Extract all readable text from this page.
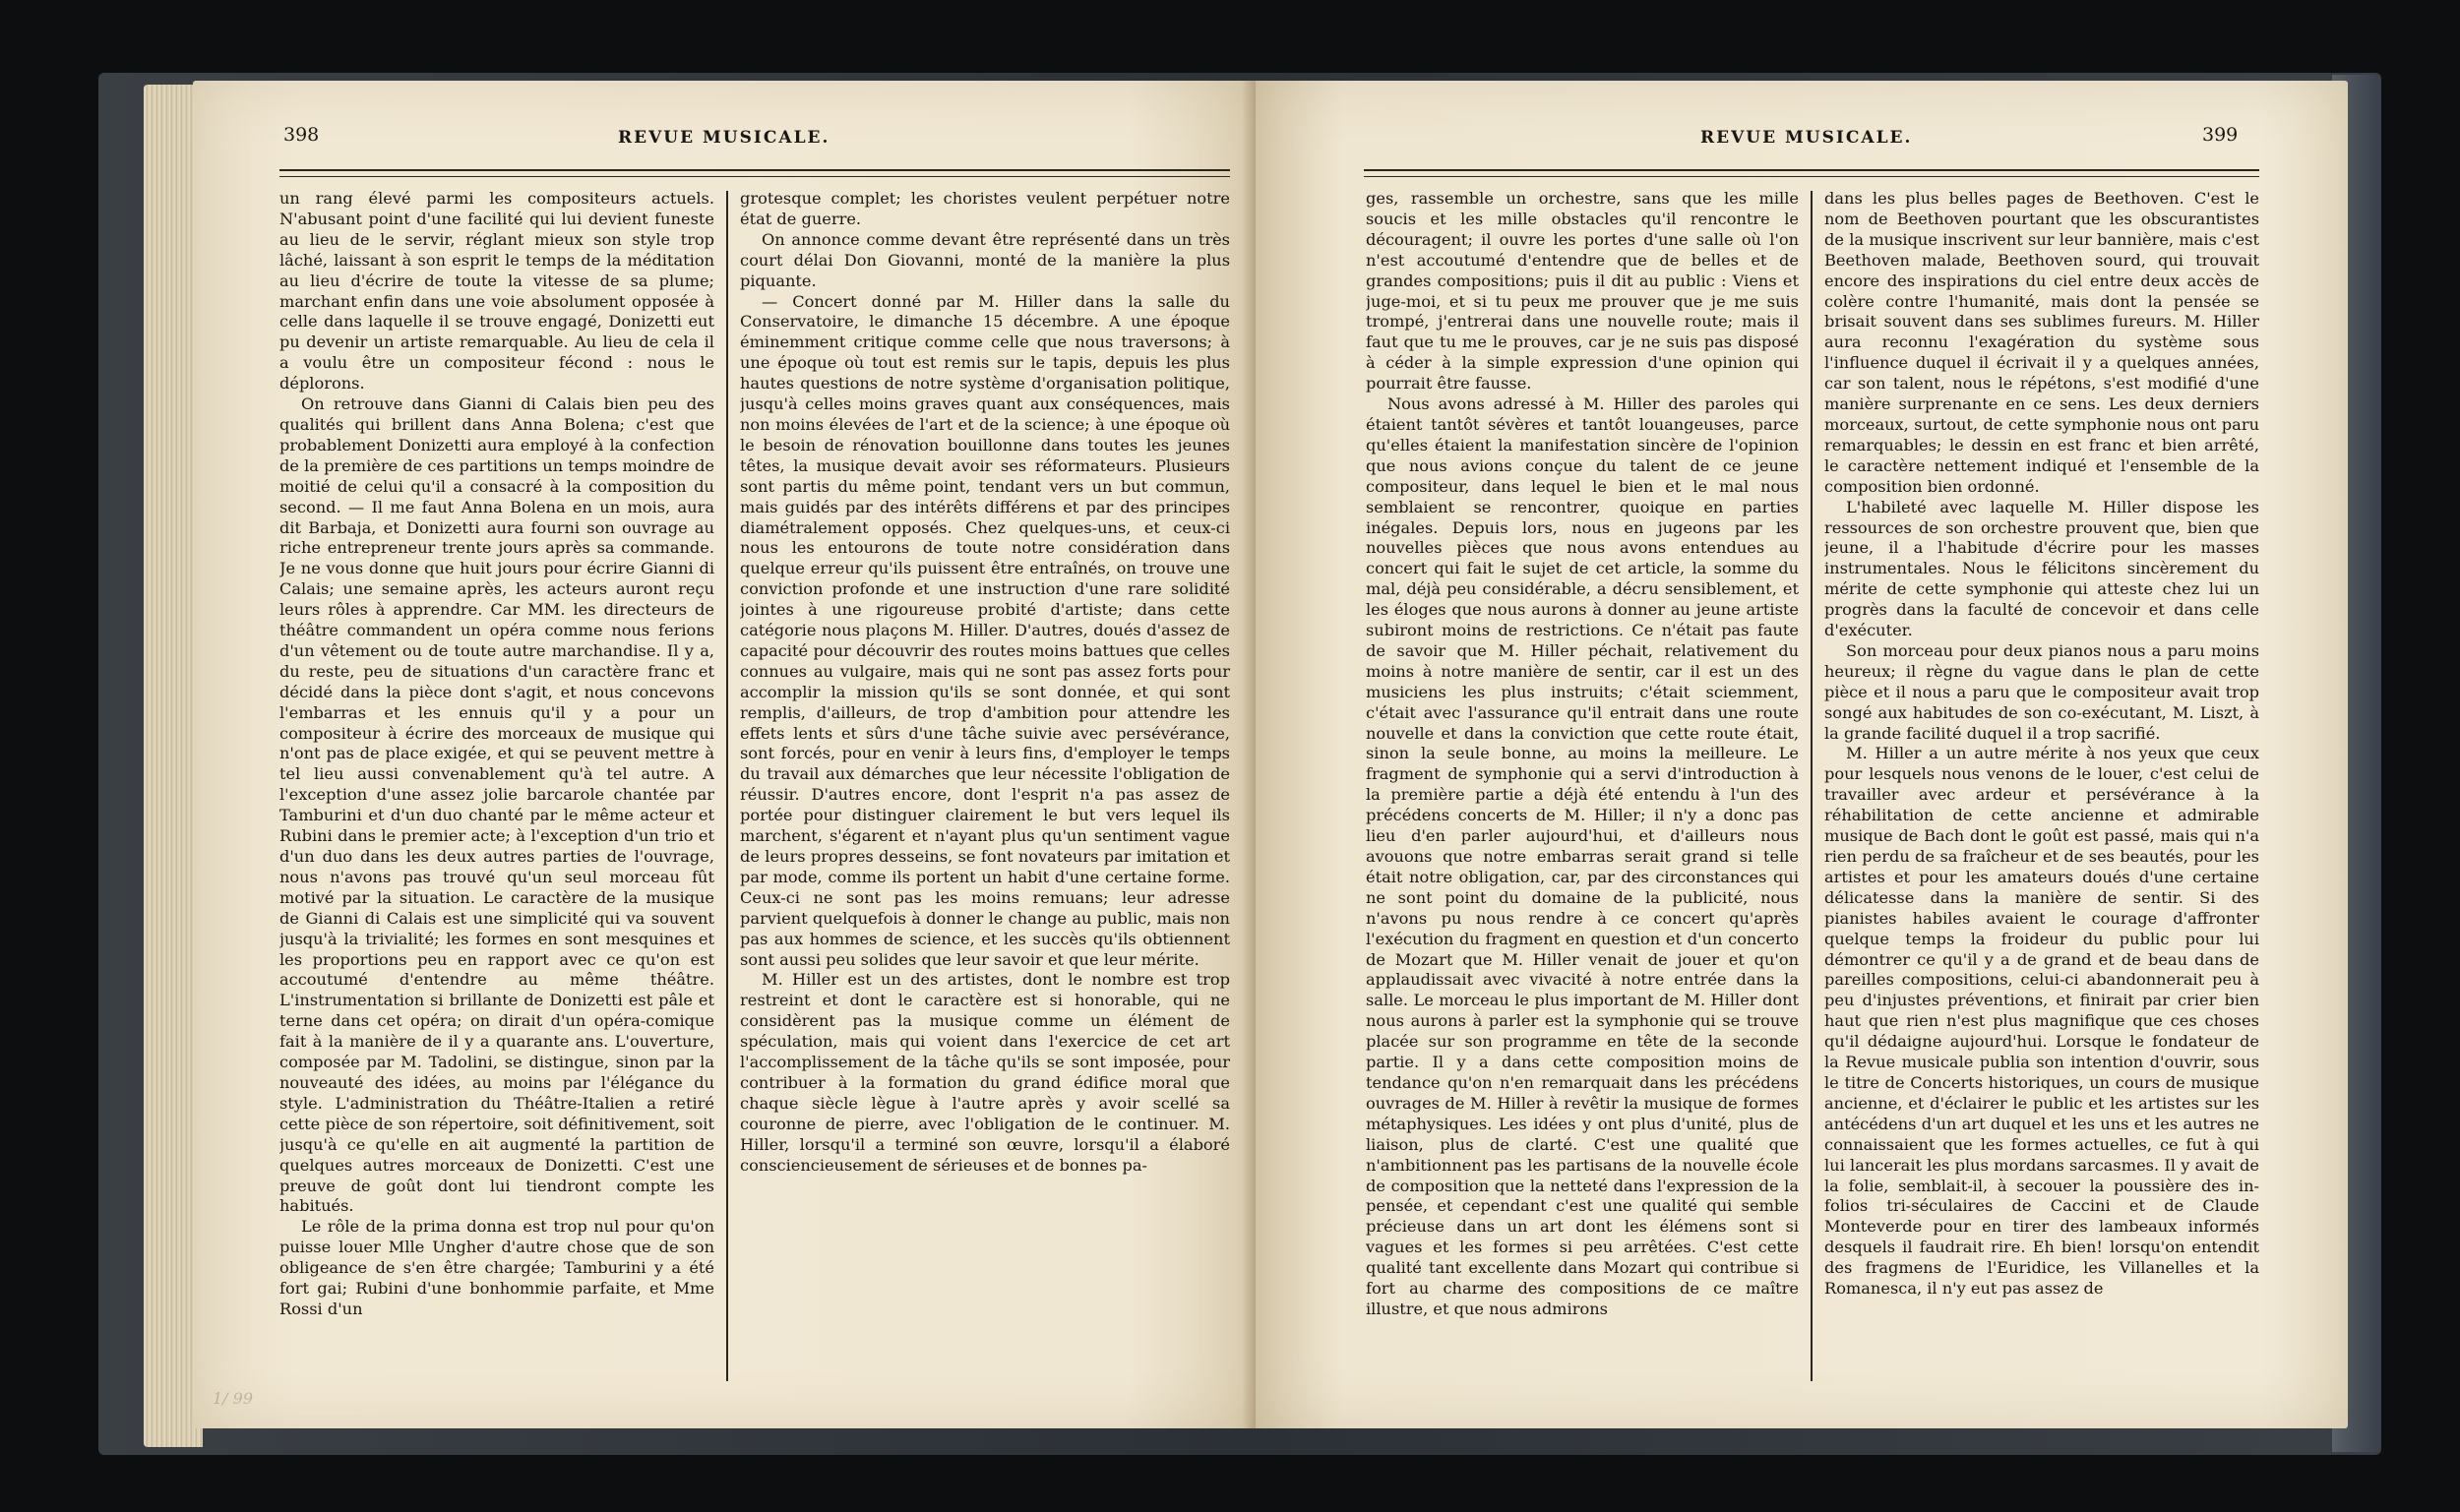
398	REVUE MUSICALE.

un rang élevé parmi les compositeurs actuels. N'abusant point d'une facilité qui lui devient funeste au lieu de le servir, réglant mieux son style trop lâché, laissant à son esprit le temps de la méditation au lieu d'écrire de toute la vitesse de sa plume; marchant enfin dans une voie absolument opposée à celle dans laquelle il se trouve engagé, Donizetti eut pu devenir un artiste remarquable. Au lieu de cela il a voulu être un compositeur fécond : nous le déplorons.

On retrouve dans Gianni di Calais bien peu des qualités qui brillent dans Anna Bolena; c'est que probablement Donizetti aura employé à la confection de la première de ces partitions un temps moindre de moitié de celui qu'il a consacré à la composition du second. — Il me faut Anna Bolena en un mois, aura dit Barbaja, et Donizetti aura fourni son ouvrage au riche entrepreneur trente jours après sa commande. Je ne vous donne que huit jours pour écrire Gianni di Calais; une semaine après, les acteurs auront reçu leurs rôles à apprendre. Car MM. les directeurs de théâtre commandent un opéra comme nous ferions d'un vêtement ou de toute autre marchandise. Il y a, du reste, peu de situations d'un caractère franc et décidé dans la pièce dont s'agit, et nous concevons l'embarras et les ennuis qu'il y a pour un compositeur à écrire des morceaux de musique qui n'ont pas de place exigée, et qui se peuvent mettre à tel lieu aussi convenablement qu'à tel autre. A l'exception d'une assez jolie barcarole chantée par Tamburini et d'un duo chanté par le même acteur et Rubini dans le premier acte; à l'exception d'un trio et d'un duo dans les deux autres parties de l'ouvrage, nous n'avons pas trouvé qu'un seul morceau fût motivé par la situation. Le caractère de la musique de Gianni di Calais est une simplicité qui va souvent jusqu'à la trivialité; les formes en sont mesquines et les proportions peu en rapport avec ce qu'on est accoutumé d'entendre au même théâtre. L'instrumentation si brillante de Donizetti est pâle et terne dans cet opéra; on dirait d'un opéra-comique fait à la manière de il y a quarante ans. L'ouverture, composée par M. Tadolini, se distingue, sinon par la nouveauté des idées, au moins par l'élégance du style. L'administration du Théâtre-Italien a retiré cette pièce de son répertoire, soit définitivement, soit jusqu'à ce qu'elle en ait augmenté la partition de quelques autres morceaux de Donizetti. C'est une preuve de goût dont lui tiendront compte les habitués.

Le rôle de la prima donna est trop nul pour qu'on puisse louer Mlle Ungher d'autre chose que de son obligeance de s'en être chargée; Tamburini y a été fort gai; Rubini d'une bonhommie parfaite, et Mme Rossi d'un

grotesque complet; les choristes veulent perpétuer notre état de guerre.

On annonce comme devant être représenté dans un très court délai Don Giovanni, monté de la manière la plus piquante.

— Concert donné par M. Hiller dans la salle du Conservatoire, le dimanche 15 décembre. A une époque éminemment critique comme celle que nous traversons; à une époque où tout est remis sur le tapis, depuis les plus hautes questions de notre système d'organisation politique, jusqu'à celles moins graves quant aux conséquences, mais non moins élevées de l'art et de la science; à une époque où le besoin de rénovation bouillonne dans toutes les jeunes têtes, la musique devait avoir ses réformateurs. Plusieurs sont partis du même point, tendant vers un but commun, mais guidés par des intérêts différens et par des principes diamétralement opposés. Chez quelques-uns, et ceux-ci nous les entourons de toute notre considération dans quelque erreur qu'ils puissent être entraînés, on trouve une conviction profonde et une instruction d'une rare solidité jointes à une rigoureuse probité d'artiste; dans cette catégorie nous plaçons M. Hiller. D'autres, doués d'assez de capacité pour découvrir des routes moins battues que celles connues au vulgaire, mais qui ne sont pas assez forts pour accomplir la mission qu'ils se sont donnée, et qui sont remplis, d'ailleurs, de trop d'ambition pour attendre les effets lents et sûrs d'une tâche suivie avec persévérance, sont forcés, pour en venir à leurs fins, d'employer le temps du travail aux démarches que leur nécessite l'obligation de réussir. D'autres encore, dont l'esprit n'a pas assez de portée pour distinguer clairement le but vers lequel ils marchent, s'égarent et n'ayant plus qu'un sentiment vague de leurs propres desseins, se font novateurs par imitation et par mode, comme ils portent un habit d'une certaine forme. Ceux-ci ne sont pas les moins remuans; leur adresse parvient quelquefois à donner le change au public, mais non pas aux hommes de science, et les succès qu'ils obtiennent sont aussi peu solides que leur savoir et que leur mérite.

M. Hiller est un des artistes, dont le nombre est trop restreint et dont le caractère est si honorable, qui ne considèrent pas la musique comme un élément de spéculation, mais qui voient dans l'exercice de cet art l'accomplissement de la tâche qu'ils se sont imposée, pour contribuer à la formation du grand édifice moral que chaque siècle lègue à l'autre après y avoir scellé sa couronne de pierre, avec l'obligation de le continuer. M. Hiller, lorsqu'il a terminé son œuvre, lorsqu'il a élaboré consciencieusement de sérieuses et de bonnes pa-

1/ 99
REVUE MUSICALE.	399

ges, rassemble un orchestre, sans que les mille soucis et les mille obstacles qu'il rencontre le découragent; il ouvre les portes d'une salle où l'on n'est accoutumé d'entendre que de belles et de grandes compositions; puis il dit au public : Viens et juge-moi, et si tu peux me prouver que je me suis trompé, j'entrerai dans une nouvelle route; mais il faut que tu me le prouves, car je ne suis pas disposé à céder à la simple expression d'une opinion qui pourrait être fausse.

Nous avons adressé à M. Hiller des paroles qui étaient tantôt sévères et tantôt louangeuses, parce qu'elles étaient la manifestation sincère de l'opinion que nous avions conçue du talent de ce jeune compositeur, dans lequel le bien et le mal nous semblaient se rencontrer, quoique en parties inégales. Depuis lors, nous en jugeons par les nouvelles pièces que nous avons entendues au concert qui fait le sujet de cet article, la somme du mal, déjà peu considérable, a décru sensiblement, et les éloges que nous aurons à donner au jeune artiste subiront moins de restrictions. Ce n'était pas faute de savoir que M. Hiller péchait, relativement du moins à notre manière de sentir, car il est un des musiciens les plus instruits; c'était sciemment, c'était avec l'assurance qu'il entrait dans une route nouvelle et dans la conviction que cette route était, sinon la seule bonne, au moins la meilleure. Le fragment de symphonie qui a servi d'introduction à la première partie a déjà été entendu à l'un des précédens concerts de M. Hiller; il n'y a donc pas lieu d'en parler aujourd'hui, et d'ailleurs nous avouons que notre embarras serait grand si telle était notre obligation, car, par des circonstances qui ne sont point du domaine de la publicité, nous n'avons pu nous rendre à ce concert qu'après l'exécution du fragment en question et d'un concerto de Mozart que M. Hiller venait de jouer et qu'on applaudissait avec vivacité à notre entrée dans la salle. Le morceau le plus important de M. Hiller dont nous aurons à parler est la symphonie qui se trouve placée sur son programme en tête de la seconde partie. Il y a dans cette composition moins de tendance qu'on n'en remarquait dans les précédens ouvrages de M. Hiller à revêtir la musique de formes métaphysiques. Les idées y ont plus d'unité, plus de liaison, plus de clarté. C'est une qualité que n'ambitionnent pas les partisans de la nouvelle école de composition que la netteté dans l'expression de la pensée, et cependant c'est une qualité qui semble précieuse dans un art dont les élémens sont si vagues et les formes si peu arrêtées. C'est cette qualité tant excellente dans Mozart qui contribue si fort au charme des compositions de ce maître illustre, et que nous admirons

dans les plus belles pages de Beethoven. C'est le nom de Beethoven pourtant que les obscurantistes de la musique inscrivent sur leur bannière, mais c'est Beethoven malade, Beethoven sourd, qui trouvait encore des inspirations du ciel entre deux accès de colère contre l'humanité, mais dont la pensée se brisait souvent dans ses sublimes fureurs. M. Hiller aura reconnu l'exagération du système sous l'influence duquel il écrivait il y a quelques années, car son talent, nous le répétons, s'est modifié d'une manière surprenante en ce sens. Les deux derniers morceaux, surtout, de cette symphonie nous ont paru remarquables; le dessin en est franc et bien arrêté, le caractère nettement indiqué et l'ensemble de la composition bien ordonné.

L'habileté avec laquelle M. Hiller dispose les ressources de son orchestre prouvent que, bien que jeune, il a l'habitude d'écrire pour les masses instrumentales. Nous le félicitons sincèrement du mérite de cette symphonie qui atteste chez lui un progrès dans la faculté de concevoir et dans celle d'exécuter.

Son morceau pour deux pianos nous a paru moins heureux; il règne du vague dans le plan de cette pièce et il nous a paru que le compositeur avait trop songé aux habitudes de son co-exécutant, M. Liszt, à la grande facilité duquel il a trop sacrifié.

M. Hiller a un autre mérite à nos yeux que ceux pour lesquels nous venons de le louer, c'est celui de travailler avec ardeur et persévérance à la réhabilitation de cette ancienne et admirable musique de Bach dont le goût est passé, mais qui n'a rien perdu de sa fraîcheur et de ses beautés, pour les artistes et pour les amateurs doués d'une certaine délicatesse dans la manière de sentir. Si des pianistes habiles avaient le courage d'affronter quelque temps la froideur du public pour lui démontrer ce qu'il y a de grand et de beau dans de pareilles compositions, celui-ci abandonnerait peu à peu d'injustes préventions, et finirait par crier bien haut que rien n'est plus magnifique que ces choses qu'il dédaigne aujourd'hui. Lorsque le fondateur de la Revue musicale publia son intention d'ouvrir, sous le titre de Concerts historiques, un cours de musique ancienne, et d'éclairer le public et les artistes sur les antécédens d'un art duquel et les uns et les autres ne connaissaient que les formes actuelles, ce fut à qui lui lancerait les plus mordans sarcasmes. Il y avait de la folie, semblait-il, à secouer la poussière des in-folios tri-séculaires de Caccini et de Claude Monteverde pour en tirer des lambeaux informés desquels il faudrait rire. Eh bien! lorsqu'on entendit des fragmens de l'Euridice, les Villanelles et la Romanesca, il n'y eut pas assez de
